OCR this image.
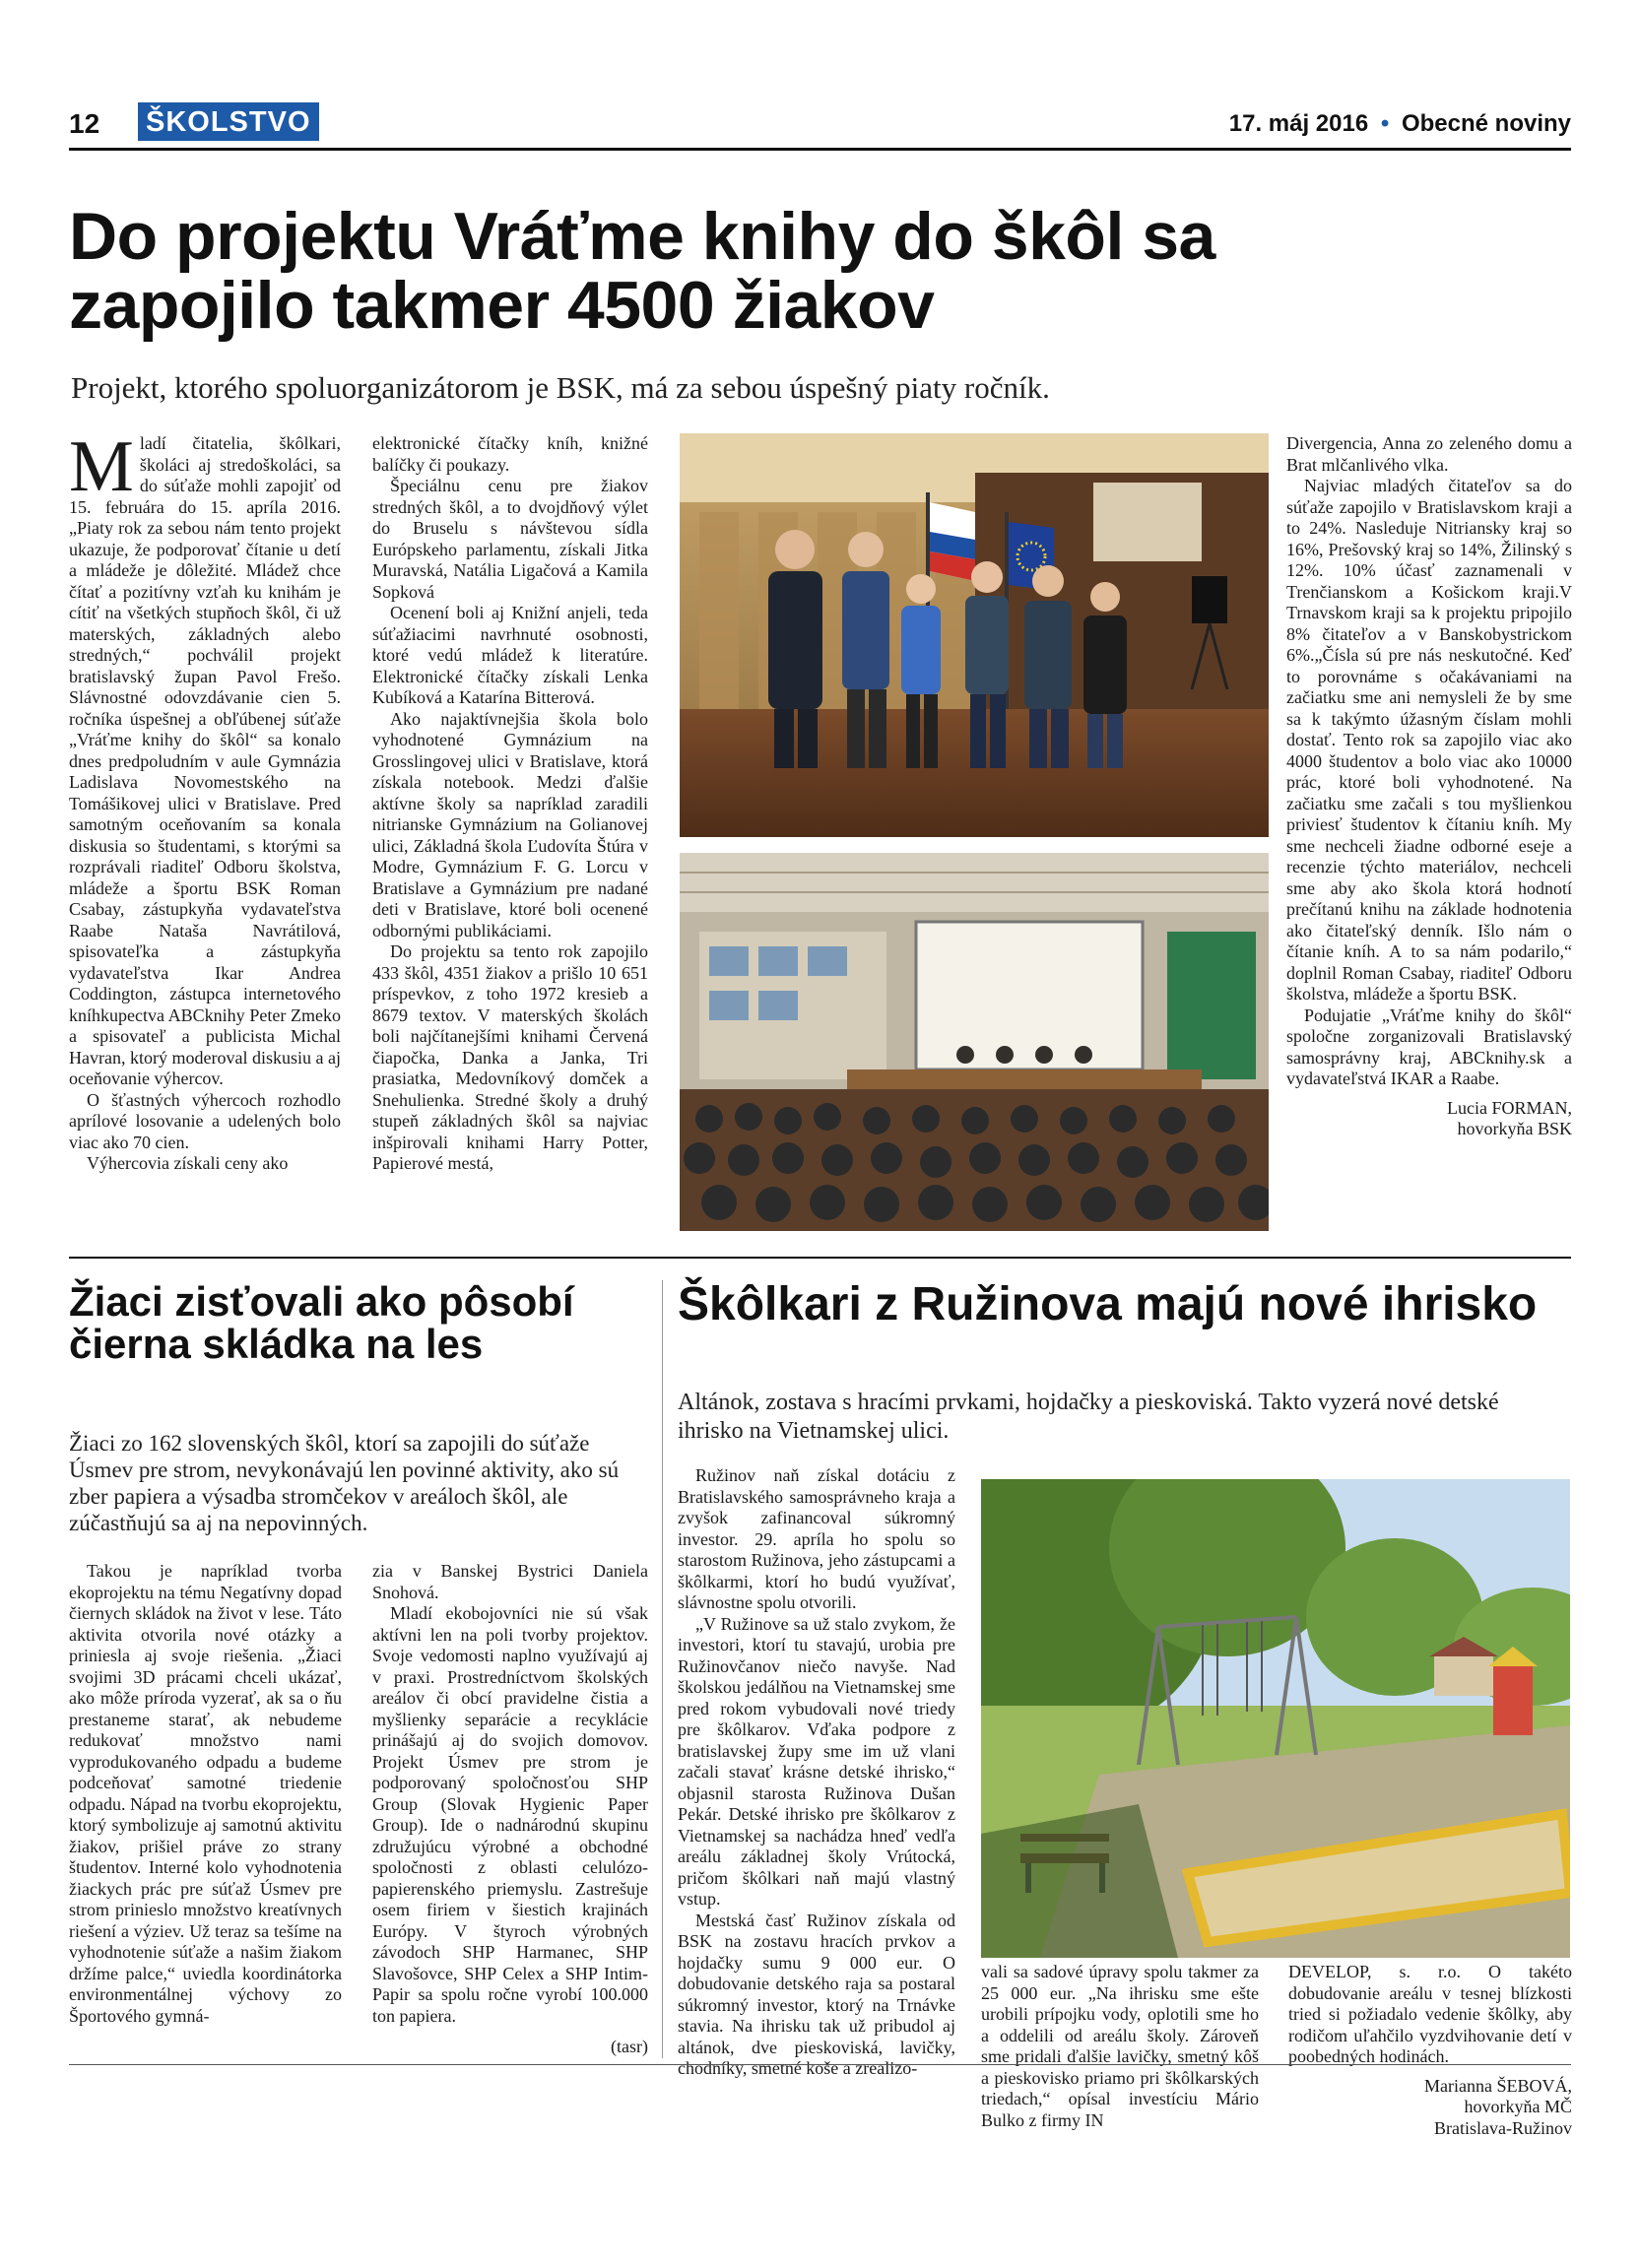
12 ŠKOLSTVO	17. máj 2016 • Obecné noviny
Do projektu Vráťme knihy do škôl sa zapojilo takmer 4500 žiakov
Projekt, ktorého spoluorganizátorom je BSK, má za sebou úspešný piaty ročník.

Mladí čitatelia, škôlkari, školáci aj stredoškoláci, sa do súťaže mohli zapojiť od 15. februára do 15. apríla 2016. „Piaty rok za sebou nám tento projekt ukazuje, že podporovať čítanie u detí a mládeže je dôležité. Mládež chce čítať a pozitívny vzťah ku knihám je cítiť na všetkých stupňoch škôl, či už materských, základných alebo stredných,“ pochválil projekt bratislavský župan Pavol Frešo. Slávnostné odovzdávanie cien 5. ročníka úspešnej a obľúbenej súťaže „Vráťme knihy do škôl“ sa konalo dnes predpoludním v aule Gymnázia Ladislava Novomestského na Tomášikovej ulici v Bratislave. Pred samotným oceňovaním sa konala diskusia so študentami, s ktorými sa rozprávali riaditeľ Odboru školstva, mládeže a športu BSK Roman Csabay, zástupkyňa vydavateľstva Raabe Nataša Navrátilová, spisovateľka a zástupkyňa vydavateľstva Ikar Andrea Coddington, zástupca internetového kníhkupectva ABCknihy Peter Zmeko a spisovateľ a publicista Michal Havran, ktorý moderoval diskusiu a aj oceňovanie výhercov.

O šťastných výhercoch rozhodlo aprílové losovanie a udelených bolo viac ako 70 cien.

Výhercovia získali ceny ako

elektronické čítačky kníh, knižné balíčky či poukazy.

Špeciálnu cenu pre žiakov stredných škôl, a to dvojdňový výlet do Bruselu s návštevou sídla Európskeho parlamentu, získali Jitka Muravská, Natália Ligačová a Kamila Sopková

Ocenení boli aj Knižní anjeli, teda súťažiacimi navrhnuté osobnosti, ktoré vedú mládež k literatúre. Elektronické čítačky získali Lenka Kubíková a Katarína Bitterová.

Ako najaktívnejšia škola bolo vyhodnotené Gymnázium na Grosslingovej ulici v Bratislave, ktorá získala notebook. Medzi ďalšie aktívne školy sa napríklad zaradili nitrianske Gymnázium na Golianovej ulici, Základná škola Ľudovíta Štúra v Modre, Gymnázium F. G. Lorcu v Bratislave a Gymnázium pre nadané deti v Bratislave, ktoré boli ocenené odbornými publikáciami.

Do projektu sa tento rok zapojilo 433 škôl, 4351 žiakov a prišlo 10 651 príspevkov, z toho 1972 kresieb a 8679 textov. V materských školách boli najčítanejšími knihami Červená čiapočka, Danka a Janka, Tri prasiatka, Medovníkový domček a Snehulienka. Stredné školy a druhý stupeň základných škôl sa najviac inšpirovali knihami Harry Potter, Papierové mestá,

Divergencia, Anna zo zeleného domu a Brat mlčanlivého vlka.

Najviac mladých čitateľov sa do súťaže zapojilo v Bratislavskom kraji a to 24%. Nasleduje Nitriansky kraj so 16%, Prešovský kraj so 14%, Žilinský s 12%. 10% účasť zaznamenali v Trenčianskom a Košickom kraji.V Trnavskom kraji sa k projektu pripojilo 8% čitateľov a v Banskobystrickom 6%.„Čísla sú pre nás neskutočné. Keď to porovnáme s očakávaniami na začiatku sme ani nemysleli že by sme sa k takýmto úžasným číslam mohli dostať. Tento rok sa zapojilo viac ako 4000 študentov a bolo viac ako 10000 prác, ktoré boli vyhodnotené. Na začiatku sme začali s tou myšlienkou priviesť študentov k čítaniu kníh. My sme nechceli žiadne odborné eseje a recenzie týchto materiálov, nechceli sme aby ako škola ktorá hodnotí prečítanú knihu na základe hodnotenia ako čitateľský denník. Išlo nám o čítanie kníh. A to sa nám podarilo,“ doplnil Roman Csabay, riaditeľ Odboru školstva, mládeže a športu BSK.

Podujatie „Vráťme knihy do škôl“ spoločne zorganizovali Bratislavský samosprávny kraj, ABCknihy.sk a vydavateľstvá IKAR a Raabe.

Lucia FORMAN,
hovorkyňa BSK
Žiaci zisťovali ako pôsobí čierna skládka na les
Žiaci zo 162 slovenských škôl, ktorí sa zapojili do súťaže Úsmev pre strom, nevykonávajú len povinné aktivity, ako sú zber papiera a výsadba stromčekov v areáloch škôl, ale zúčastňujú sa aj na nepovinných.

Takou je napríklad tvorba ekoprojektu na tému Negatívny dopad čiernych skládok na život v lese. Táto aktivita otvorila nové otázky a priniesla aj svoje riešenia. „Žiaci svojimi 3D prácami chceli ukázať, ako môže príroda vyzerať, ak sa o ňu prestaneme starať, ak nebudeme redukovať množstvo nami vyprodukovaného odpadu a budeme podceňovať samotné triedenie odpadu. Nápad na tvorbu ekoprojektu, ktorý symbolizuje aj samotnú aktivitu žiakov, prišiel práve zo strany študentov. Interné kolo vyhodnotenia žiackych prác pre súťaž Úsmev pre strom prinieslo množstvo kreatívnych riešení a výziev. Už teraz sa tešíme na vyhodnotenie súťaže a našim žiakom držíme palce,“ uviedla koordinátorka environmentálnej výchovy zo Športového gymná-

zia v Banskej Bystrici Daniela Snohová.

Mladí ekobojovníci nie sú však aktívni len na poli tvorby projektov. Svoje vedomosti naplno využívajú aj v praxi. Prostredníctvom školských areálov či obcí pravidelne čistia a myšlienky separácie a recyklácie prinášajú aj do svojich domovov. Projekt Úsmev pre strom je podporovaný spoločnosťou SHP Group (Slovak Hygienic Paper Group). Ide o nadnárodnú skupinu združujúcu výrobné a obchodné spoločnosti z oblasti celulózo-papierenského priemyslu. Zastrešuje osem firiem v šiestich krajinách Európy. V štyroch výrobných závodoch SHP Harmanec, SHP Slavošovce, SHP Celex a SHP Intim-Papir sa spolu ročne vyrobí 100.000 ton papiera.

(tasr)
Škôlkari z Ružinova majú nové ihrisko
Altánok, zostava s hracími prvkami, hojdačky a pieskoviská. Takto vyzerá nové detské ihrisko na Vietnamskej ulici.

Ružinov naň získal dotáciu z Bratislavského samosprávneho kraja a zvyšok zafinancoval súkromný investor. 29. apríla ho spolu so starostom Ružinova, jeho zástupcami a škôlkarmi, ktorí ho budú využívať, slávnostne spolu otvorili.

„V Ružinove sa už stalo zvykom, že investori, ktorí tu stavajú, urobia pre Ružinovčanov niečo navyše. Nad školskou jedálňou na Vietnamskej sme pred rokom vybudovali nové triedy pre škôlkarov. Vďaka podpore z bratislavskej župy sme im už vlani začali stavať krásne detské ihrisko,“ objasnil starosta Ružinova Dušan Pekár. Detské ihrisko pre škôlkarov z Vietnamskej sa nachádza hneď vedľa areálu základnej školy Vrútocká, pričom škôlkari naň majú vlastný vstup.

Mestská časť Ružinov získala od BSK na zostavu hracích prvkov a hojdačky sumu 9 000 eur. O dobudovanie detského raja sa postaral súkromný investor, ktorý na Trnávke stavia. Na ihrisku tak už pribudol aj altánok, dve pieskoviská, lavičky, chodníky, smetné koše a zrealizo-

vali sa sadové úpravy spolu takmer za 25 000 eur. „Na ihrisku sme ešte urobili prípojku vody, oplotili sme ho a oddelili od areálu školy. Zároveň sme pridali ďalšie lavičky, smetný kôš a pieskovisko priamo pri škôlkarských triedach,“ opísal investíciu Mário Bulko z firmy IN

DEVELOP, s. r.o. O takéto dobudovanie areálu v tesnej blízkosti tried si požiadalo vedenie škôlky, aby rodičom uľahčilo vyzdvihovanie detí v poobedných hodinách.

Marianna ŠEBOVÁ,
hovorkyňa MČ
Bratislava-Ružinov
